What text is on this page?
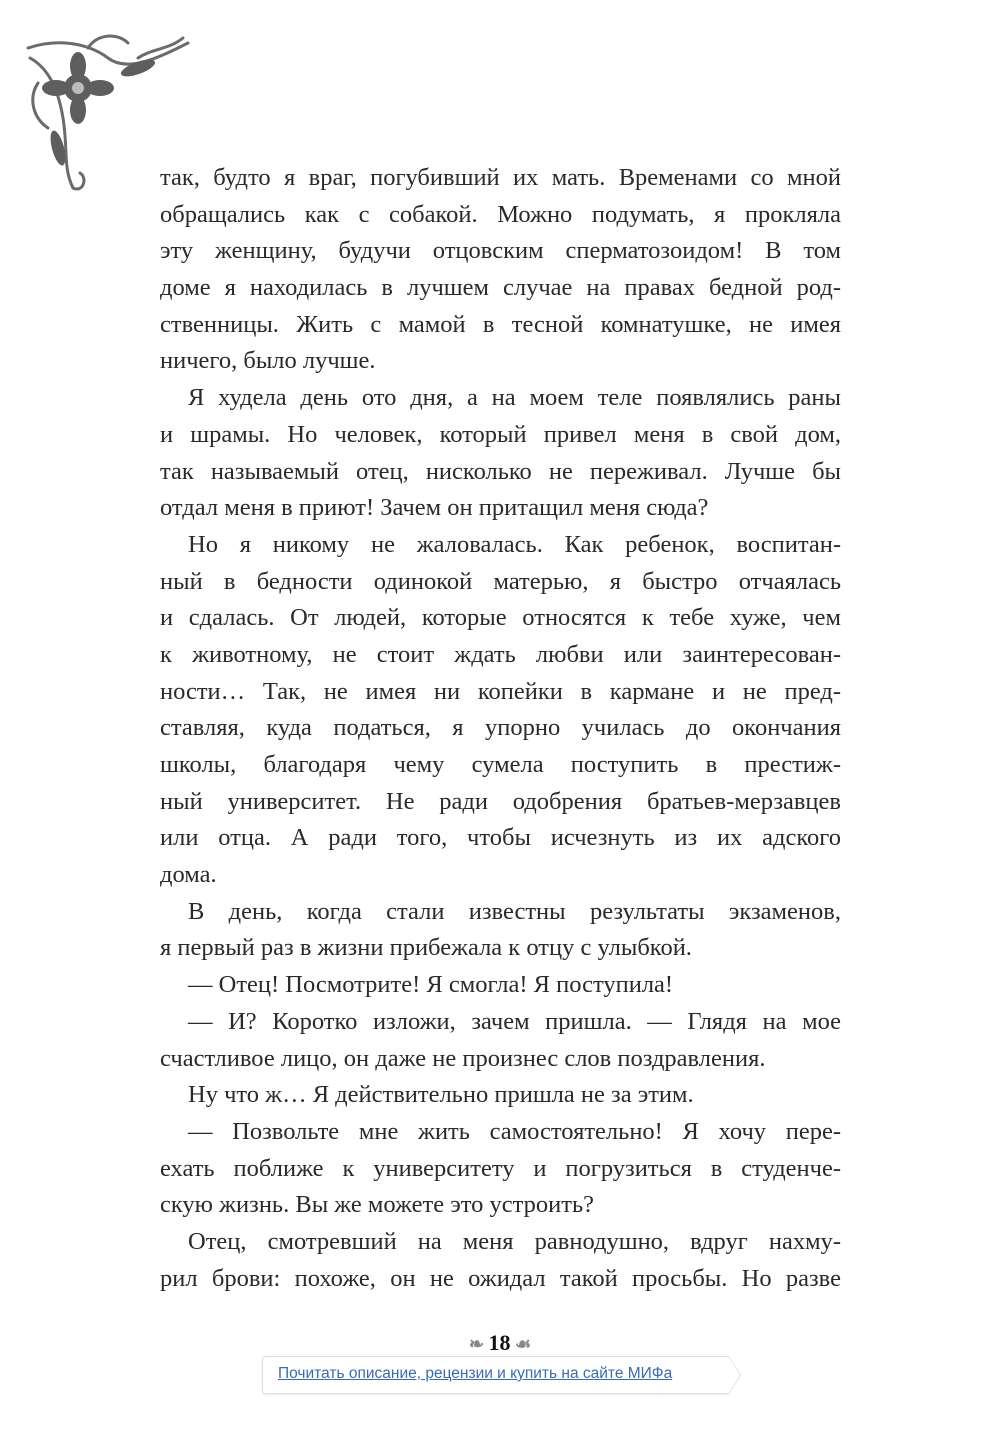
так, будто я враг, погубивший их мать. Временами со мной
обращались как с собакой. Можно подумать, я прокляла
эту женщину, будучи отцовским сперматозоидом! В том
доме я находилась в лучшем случае на правах бедной род-
ственницы. Жить с мамой в тесной комнатушке, не имея
ничего, было лучше.
Я худела день ото дня, а на моем теле появлялись раны
и шрамы. Но человек, который привел меня в свой дом,
так называемый отец, нисколько не переживал. Лучше бы
отдал меня в приют! Зачем он притащил меня сюда?
Но я никому не жаловалась. Как ребенок, воспитан-
ный в бедности одинокой матерью, я быстро отчаялась
и сдалась. От людей, которые относятся к тебе хуже, чем
к животному, не стоит ждать любви или заинтересован-
ности… Так, не имея ни копейки в кармане и не пред-
ставляя, куда податься, я упорно училась до окончания
школы, благодаря чему сумела поступить в престиж-
ный университет. Не ради одобрения братьев-мерзавцев
или отца. А ради того, чтобы исчезнуть из их адского
дома.
В день, когда стали известны результаты экзаменов,
я первый раз в жизни прибежала к отцу с улыбкой.
— Отец! Посмотрите! Я смогла! Я поступила!
— И? Коротко изложи, зачем пришла. — Глядя на мое
счастливое лицо, он даже не произнес слов поздравления.
Ну что ж… Я действительно пришла не за этим.
— Позвольте мне жить самостоятельно! Я хочу пере-
ехать поближе к университету и погрузиться в студенче-
скую жизнь. Вы же можете это устроить?
Отец, смотревший на меня равнодушно, вдруг нахму-
рил брови: похоже, он не ожидал такой просьбы. Но разве
❧ 18 ☙
Почитать описание, рецензии и купить на сайте МИФа
